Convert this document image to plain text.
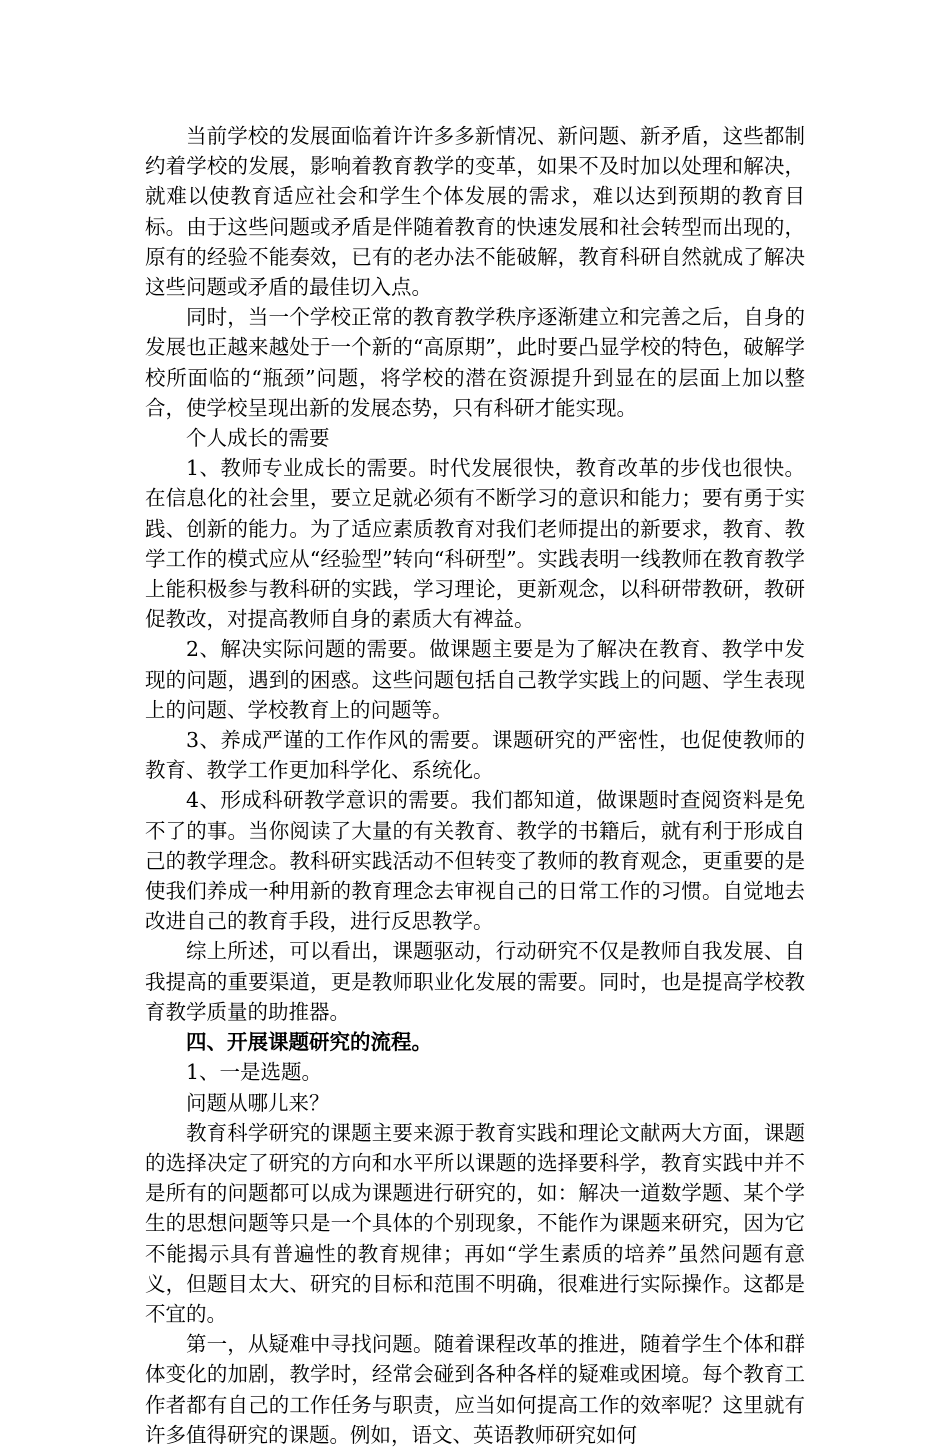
当前学校的发展面临着许许多多新情况、新问题、新矛盾，这些都制约着学校的发展，影响着教育教学的变革，如果不及时加以处理和解决，就难以使教育适应社会和学生个体发展的需求，难以达到预期的教育目标。由于这些问题或矛盾是伴随着教育的快速发展和社会转型而出现的，原有的经验不能奏效，已有的老办法不能破解，教育科研自然就成了解决这些问题或矛盾的最佳切入点。

同时，当一个学校正常的教育教学秩序逐渐建立和完善之后，自身的发展也正越来越处于一个新的“高原期”，此时要凸显学校的特色，破解学校所面临的“瓶颈”问题，将学校的潜在资源提升到显在的层面上加以整合，使学校呈现出新的发展态势，只有科研才能实现。

个人成长的需要

1、教师专业成长的需要。时代发展很快，教育改革的步伐也很快。在信息化的社会里，要立足就必须有不断学习的意识和能力；要有勇于实践、创新的能力。为了适应素质教育对我们老师提出的新要求，教育、教学工作的模式应从“经验型”转向“科研型”。实践表明一线教师在教育教学上能积极参与教科研的实践，学习理论，更新观念，以科研带教研，教研促教改，对提高教师自身的素质大有裨益。

2、解决实际问题的需要。做课题主要是为了解决在教育、教学中发现的问题，遇到的困惑。这些问题包括自己教学实践上的问题、学生表现上的问题、学校教育上的问题等。

3、养成严谨的工作作风的需要。课题研究的严密性，也促使教师的教育、教学工作更加科学化、系统化。

4、形成科研教学意识的需要。我们都知道，做课题时查阅资料是免不了的事。当你阅读了大量的有关教育、教学的书籍后，就有利于形成自己的教学理念。教科研实践活动不但转变了教师的教育观念，更重要的是使我们养成一种用新的教育理念去审视自己的日常工作的习惯。自觉地去改进自己的教育手段，进行反思教学。

综上所述，可以看出，课题驱动，行动研究不仅是教师自我发展、自我提高的重要渠道，更是教师职业化发展的需要。同时，也是提高学校教育教学质量的助推器。

四、开展课题研究的流程。

1、一是选题。

问题从哪儿来？

教育科学研究的课题主要来源于教育实践和理论文献两大方面，课题的选择决定了研究的方向和水平所以课题的选择要科学，教育实践中并不是所有的问题都可以成为课题进行研究的，如：解决一道数学题、某个学生的思想问题等只是一个具体的个别现象，不能作为课题来研究，因为它不能揭示具有普遍性的教育规律；再如“学生素质的培养”虽然问题有意义，但题目太大、研究的目标和范围不明确，很难进行实际操作。这都是不宜的。

第一，从疑难中寻找问题。随着课程改革的推进，随着学生个体和群体变化的加剧，教学时，经常会碰到各种各样的疑难或困境。每个教育工作者都有自己的工作任务与职责，应当如何提高工作的效率呢？这里就有许多值得研究的课题。例如，语文、英语教师研究如何
